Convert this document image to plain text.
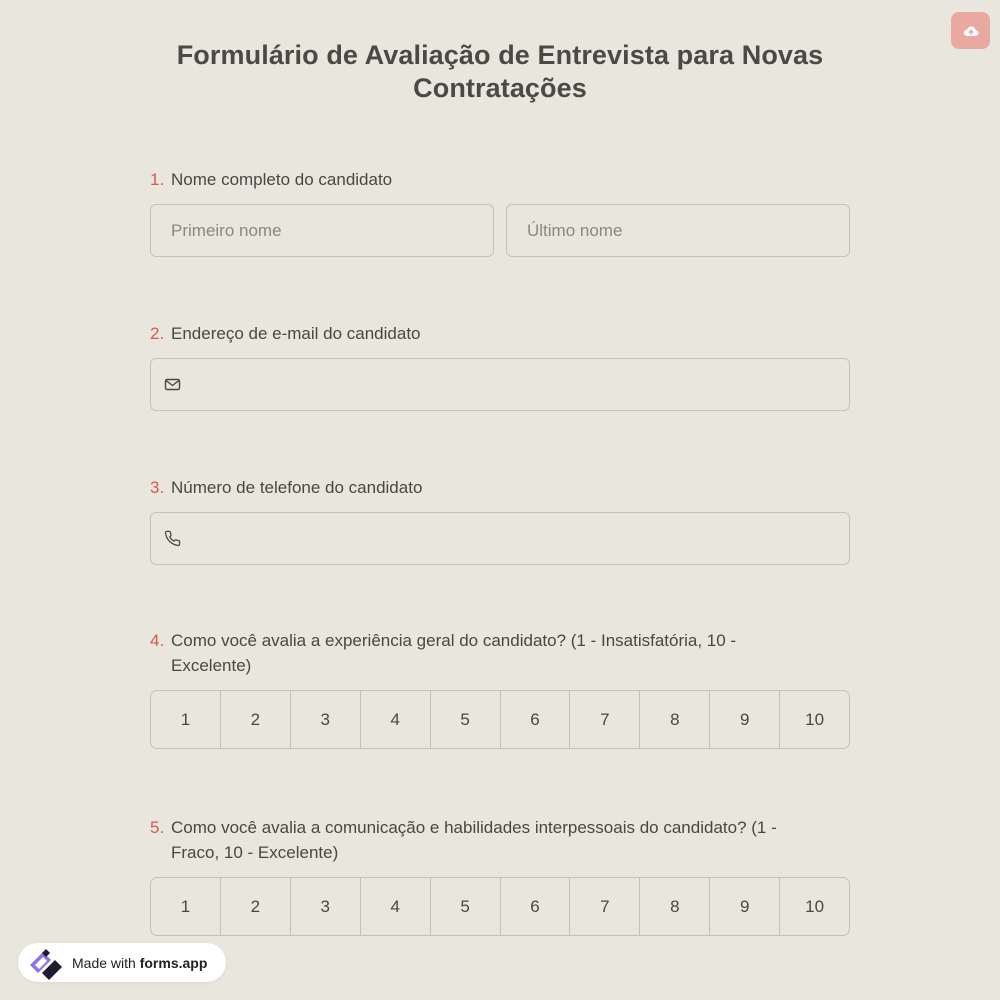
Formulário de Avaliação de Entrevista para Novas Contratações
1. Nome completo do candidato
Primeiro nome
Último nome
2. Endereço de e-mail do candidato
3. Número de telefone do candidato
4. Como você avalia a experiência geral do candidato? (1 - Insatisfatória, 10 - Excelente)
1	2	3	4	5	6	7	8	9	10
5. Como você avalia a comunicação e habilidades interpessoais do candidato? (1 - Fraco, 10 - Excelente)
1	2	3	4	5	6	7	8	9	10
Made with forms.app
